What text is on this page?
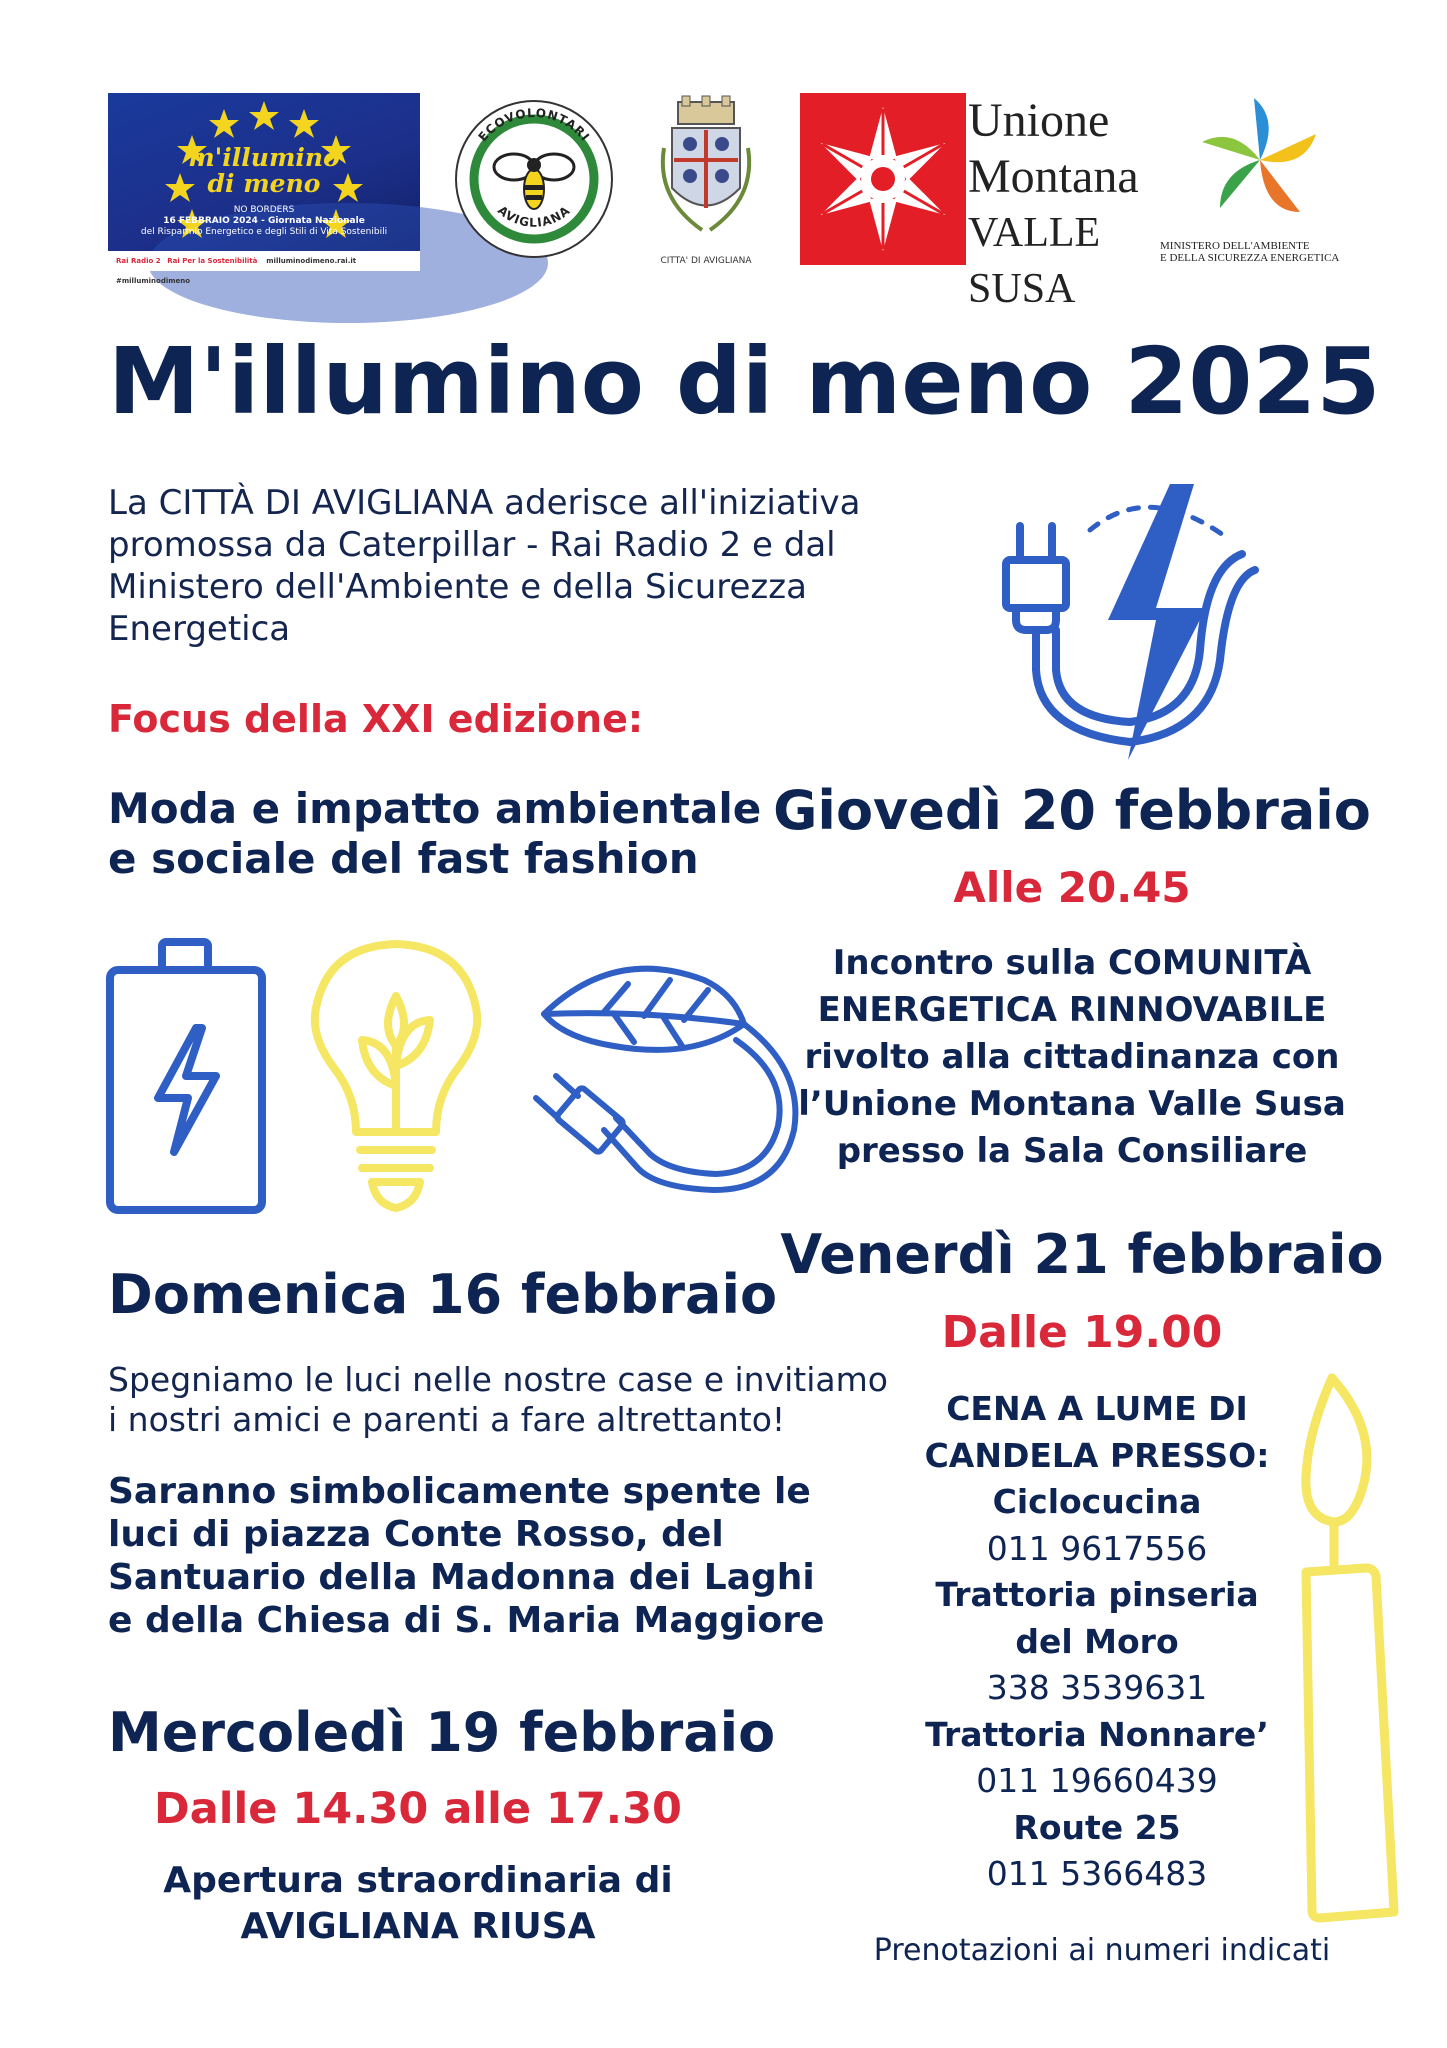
m'illumino
di meno
NO BORDERS
16 FEBBRAIO 2024 - Giornata Nazionale
del Risparmio Energetico e degli Stili di Vita Sostenibili
Rai Radio 2 Rai Per la Sostenibilità milluminodimeno.rai.it #milluminodimeno
ECOVOLONTARI
AVIGLIANA
CITTA' DI AVIGLIANA
Unione
Montana
VALLE SUSA
MINISTERO DELL'AMBIENTE
E DELLA SICUREZZA ENERGETICA
M'illumino di meno 2025
La CITTÀ DI AVIGLIANA aderisce all'iniziativa promossa da Caterpillar - Rai Radio 2 e dal Ministero dell'Ambiente e della Sicurezza Energetica
Focus della XXI edizione:
Moda e impatto ambientale
e sociale del fast fashion
Giovedì 20 febbraio
Alle 20.45
Incontro sulla COMUNITÀ
ENERGETICA RINNOVABILE
rivolto alla cittadinanza con
l’Unione Montana Valle Susa
presso la Sala Consiliare
Venerdì 21 febbraio
Dalle 19.00
CENA A LUME DI
CANDELA PRESSO:
Ciclocucina
011 9617556
Trattoria pinseria
del Moro
338 3539631
Trattoria Nonnare’
011 19660439
Route 25
011 5366483
Prenotazioni ai numeri indicati
Domenica 16 febbraio
Spegniamo le luci nelle nostre case e invitiamo
i nostri amici e parenti a fare altrettanto!
Saranno simbolicamente spente le
luci di piazza Conte Rosso, del
Santuario della Madonna dei Laghi
e della Chiesa di S. Maria Maggiore
Mercoledì 19 febbraio
Dalle 14.30 alle 17.30
Apertura straordinaria di
AVIGLIANA RIUSA
